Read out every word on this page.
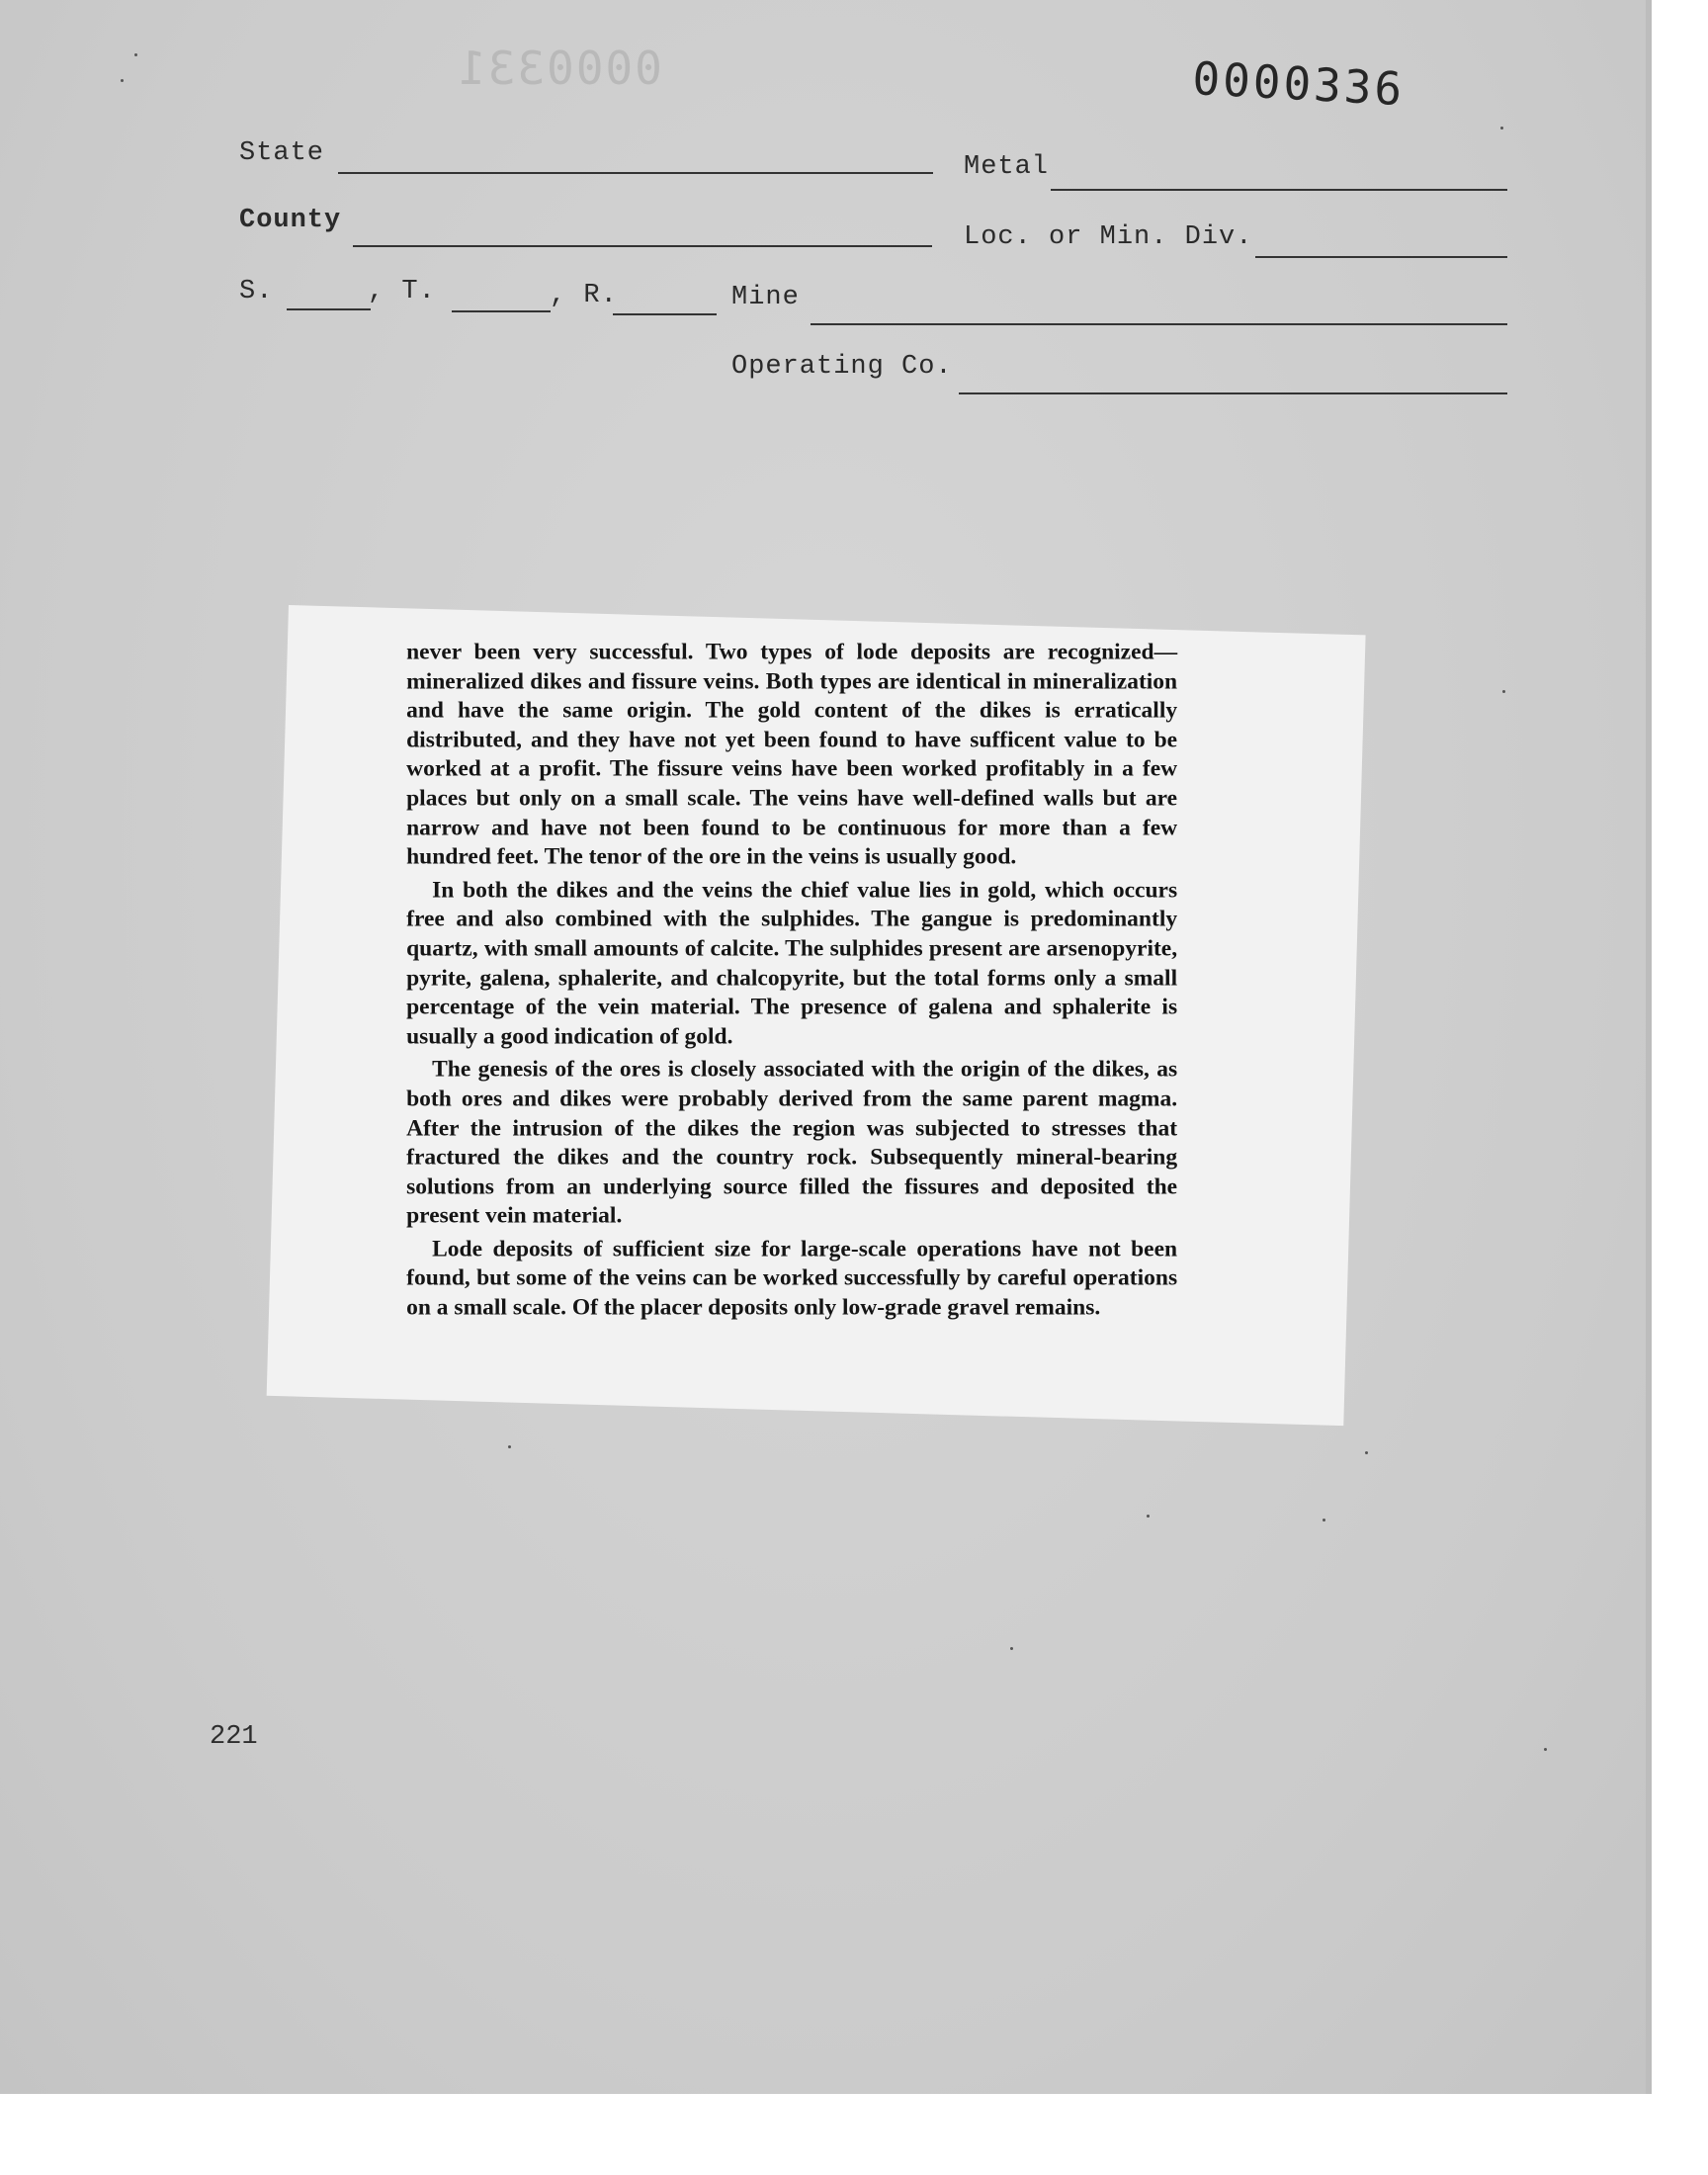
0000331	0000336
State	Metal
County
Loc. or Min. Div.
S.	, T.	, R.	Mine
Operating Co.

never been very successful. Two types of lode deposits are recognized—mineralized dikes and fissure veins. Both types are identical in mineralization and have the same origin. The gold content of the dikes is erratically distributed, and they have not yet been found to have sufficent value to be worked at a profit. The fissure veins have been worked profitably in a few places but only on a small scale. The veins have well-defined walls but are narrow and have not been found to be continuous for more than a few hundred feet. The tenor of the ore in the veins is usually good.

In both the dikes and the veins the chief value lies in gold, which occurs free and also combined with the sulphides. The gangue is predominantly quartz, with small amounts of calcite. The sulphides present are arsenopyrite, pyrite, galena, sphalerite, and chalcopyrite, but the total forms only a small percentage of the vein material. The presence of galena and sphalerite is usually a good indication of gold.

The genesis of the ores is closely associated with the origin of the dikes, as both ores and dikes were probably derived from the same parent magma. After the intrusion of the dikes the region was subjected to stresses that fractured the dikes and the country rock. Subsequently mineral-bearing solutions from an underlying source filled the fissures and deposited the present vein material.

Lode deposits of sufficient size for large-scale operations have not been found, but some of the veins can be worked successfully by careful operations on a small scale. Of the placer deposits only low-grade gravel remains.

221
